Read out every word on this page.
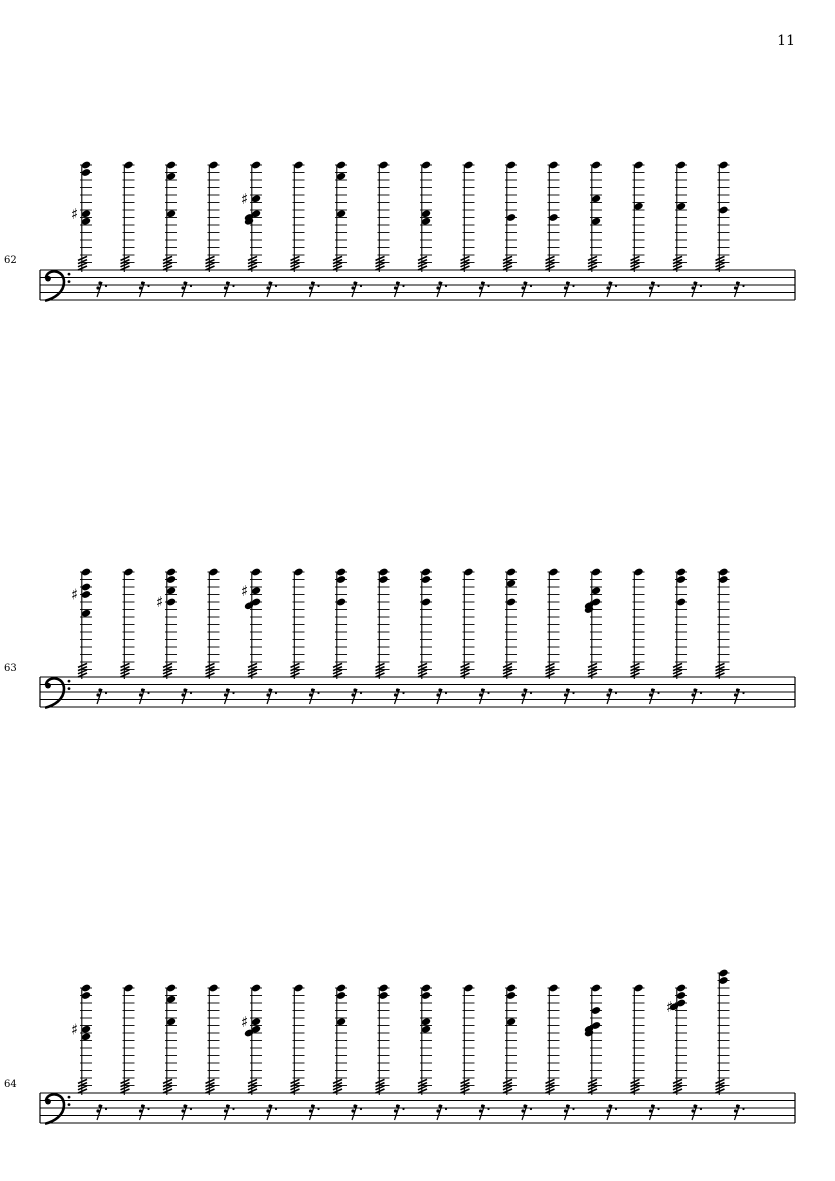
11
62
♯
♯
63
♯	♯
♯
64
♯	♯
♯
